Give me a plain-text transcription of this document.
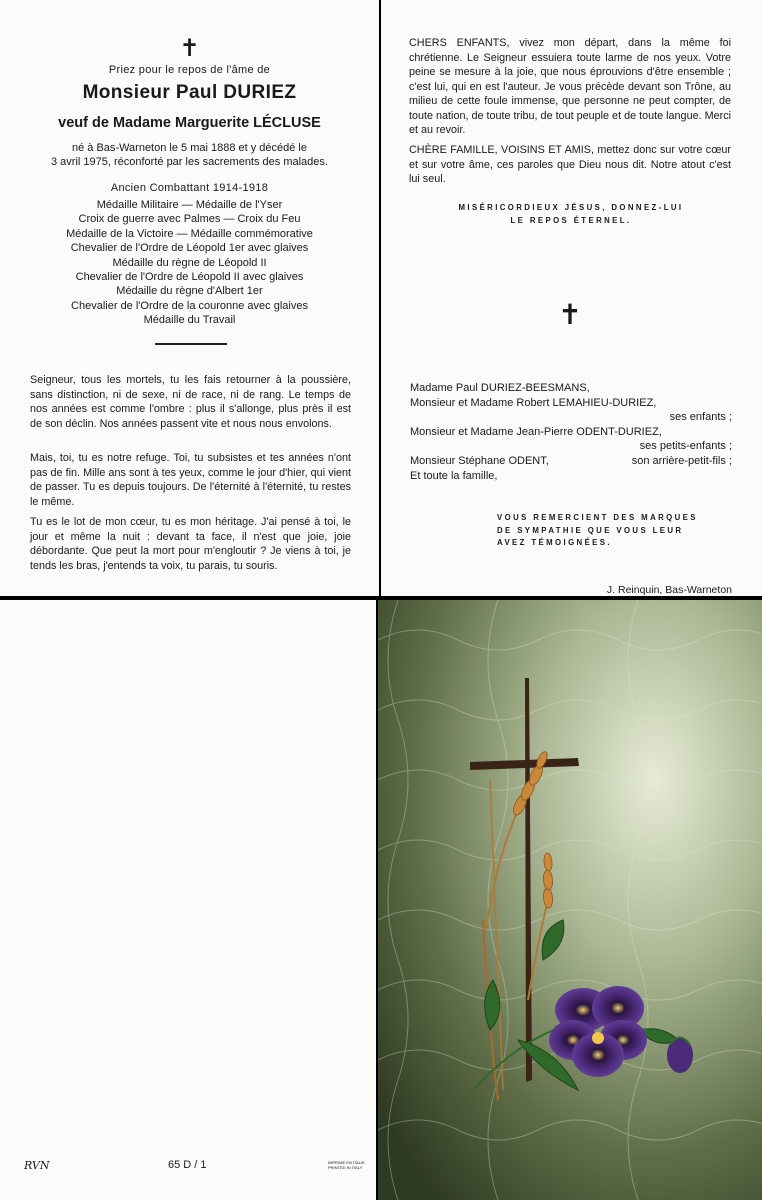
✝
Priez pour le repos de l'âme de
Monsieur Paul DURIEZ
veuf de Madame Marguerite LÉCLUSE
né à Bas-Warneton le 5 mai 1888 et y décédé le
3 avril 1975, réconforté par les sacrements des malades.
Ancien Combattant 1914-1918
Médaille Militaire — Médaille de l'Yser
Croix de guerre avec Palmes — Croix du Feu
Médaille de la Victoire — Médaille commémorative
Chevalier de l'Ordre de Léopold 1er avec glaives
Médaille du règne de Léopold II
Chevalier de l'Ordre de Léopold II avec glaives
Médaille du règne d'Albert 1er
Chevalier de l'Ordre de la couronne avec glaives
Médaille du Travail
Seigneur, tous les mortels, tu les fais retourner à la poussière, sans distinction, ni de sexe, ni de race, ni de rang. Le temps de nos années est comme l'ombre : plus il s'allonge, plus près il est de son déclin. Nos années passent vite et nous nous envolons.
Mais, toi, tu es notre refuge. Toi, tu subsistes et tes années n'ont pas de fin. Mille ans sont à tes yeux, comme le jour d'hier, qui vient de passer. Tu es depuis toujours. De l'éternité à l'éternité, tu restes le même.
Tu es le lot de mon cœur, tu es mon héritage. J'ai pensé à toi, le jour et même la nuit : devant ta face, il n'est que joie, joie débordante. Que peut la mort pour m'engloutir ? Je viens à toi, je tends les bras, j'entends ta voix, tu parais, tu souris.
CHERS ENFANTS, vivez mon départ, dans la même foi chrétienne. Le Seigneur essuiera toute larme de nos yeux. Votre peine se mesure à la joie, que nous éprouvions d'être ensemble ; c'est lui, qui en est l'auteur. Je vous précède devant son Trône, au milieu de cette foule immense, que personne ne peut compter, de toute nation, de toute tribu, de tout peuple et de toute langue. Merci et au revoir.
CHÈRE FAMILLE, VOISINS ET AMIS, mettez donc sur votre cœur et sur votre âme, ces paroles que Dieu nous dit. Notre atout c'est lui seul.
MISÉRICORDIEUX JÉSUS, DONNEZ-LUI
LE REPOS ÉTERNEL.
✝
Madame Paul DURIEZ-BEESMANS,
Monsieur et Madame Robert LEMAHIEU-DURIEZ,
ses enfants ;
Monsieur et Madame Jean-Pierre ODENT-DURIEZ,
ses petits-enfants ;
Monsieur Stéphane ODENT,	son arrière-petit-fils ;
Et toute la famille,
VOUS REMERCIENT DES MARQUES
DE SYMPATHIE QUE VOUS LEUR
AVEZ TÉMOIGNÉES.
J. Reinquin, Bas-Warneton
RVN	65 D / 1	IMPRIMÉ EN ITALIE
PRINTED IN ITALY
